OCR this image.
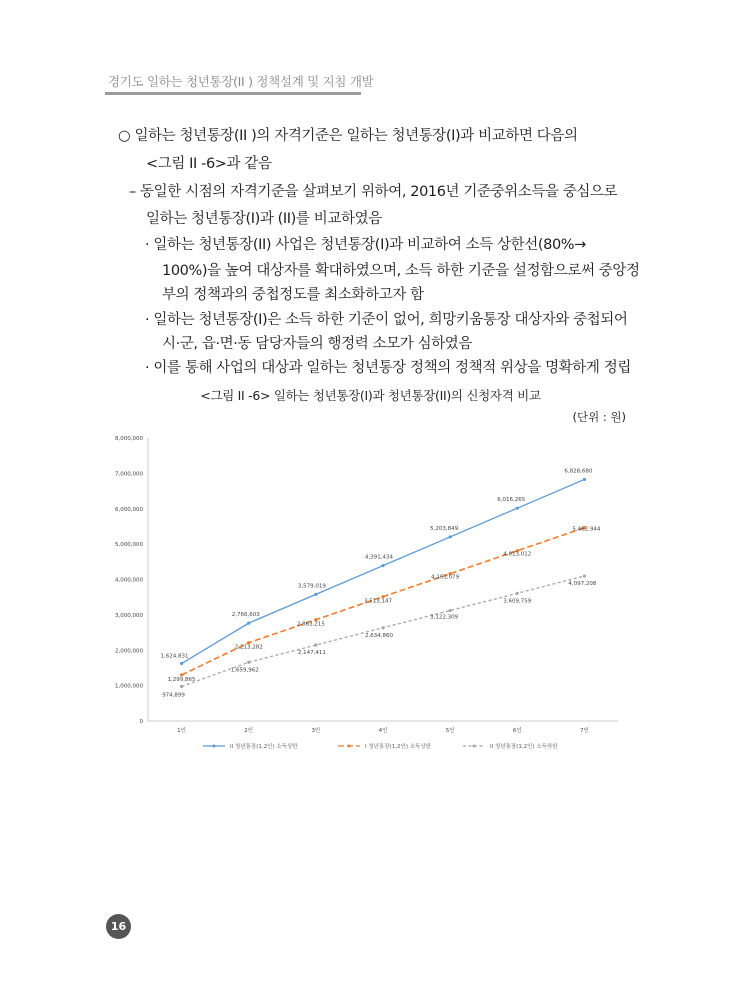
경기도 일하는 청년통장(II ) 정책설계 및 지침 개발
○ 일하는 청년통장(II )의 자격기준은 일하는 청년통장(I)과 비교하면 다음의
<그림 II -6>과 같음
– 동일한 시점의 자격기준을 살펴보기 위하여, 2016년 기준중위소득을 중심으로
일하는 청년통장(I)과 (II)를 비교하였음
· 일하는 청년통장(II) 사업은 청년통장(I)과 비교하여 소득 상한선(80%→
100%)을 높여 대상자를 확대하였으며, 소득 하한 기준을 설정함으로써 중앙정
부의 정책과의 중첩정도를 최소화하고자 함
· 일하는 청년통장(I)은 소득 하한 기준이 없어, 희망키움통장 대상자와 중첩되어
시·군, 읍·면·동 담당자들의 행정력 소모가 심하였음
· 이를 통해 사업의 대상과 일하는 청년통장 정책의 정책적 위상을 명확하게 정립
<그림 II -6> 일하는 청년통장(I)과 청년통장(II)의 신청자격 비교
(단위 : 원)
0
1,000,000
2,000,000
3,000,000
4,000,000
5,000,000
6,000,000
7,000,000
8,000,000
1인	2인	3인	4인	5인	6인	7인
1,624,831
2,766,603
3,579,019
4,391,434
5,203,849
6,016,265
6,828,680
1,299,865
2,213,282
2,863,215
3,513,147
4,163,079
4,813,012
5,462,944
974,899
1,659,962
2,147,411
2,634,860
3,122,309
3,609,759
4,097,208
II 청년통장(1,2인) 소득상한	I 청년통장(1,2인) 소득상한	II 청년통장(1,2인) 소득하한
16
